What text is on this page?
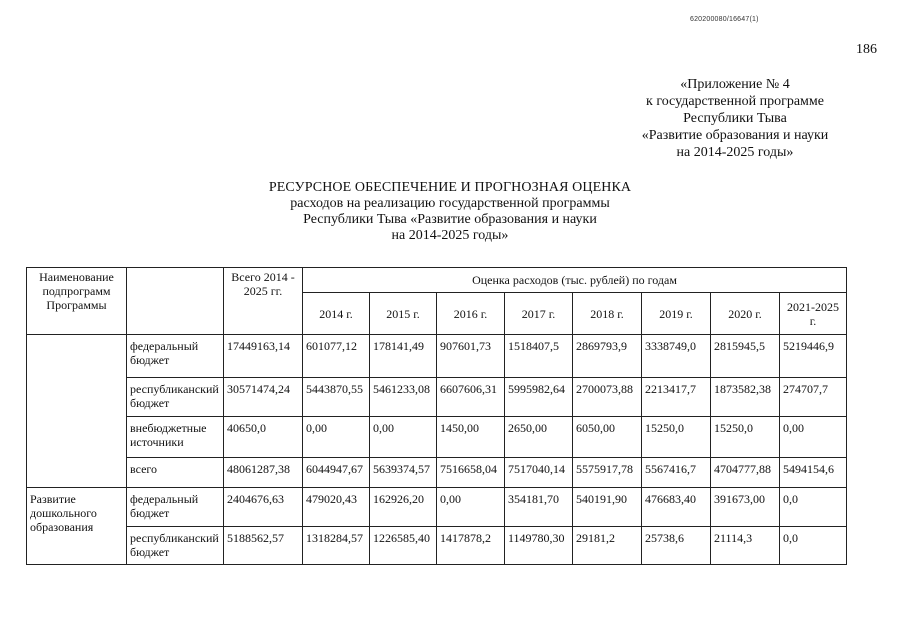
620200080/16647(1)
186
«Приложение № 4
к государственной программе
Республики Тыва
«Развитие образования и науки
на 2014-2025 годы»
РЕСУРСНОЕ ОБЕСПЕЧЕНИЕ И ПРОГНОЗНАЯ ОЦЕНКА
расходов на реализацию государственной программы
Республики Тыва «Развитие образования и науки
на 2014-2025 годы»
Наименование подпрограмм Программы		Всего 2014 - 2025 гг.	Оценка расходов (тыс. рублей) по годам							
			2014 г.	2015 г.	2016 г.	2017 г.	2018 г.	2019 г.	2020 г.	2021-2025 г.
	федеральный бюджет	17449163,14	601077,12	178141,49	907601,73	1518407,5	2869793,9	3338749,0	2815945,5	5219446,9
	республиканский бюджет	30571474,24	5443870,55	5461233,08	6607606,31	5995982,64	2700073,88	2213417,7	1873582,38	274707,7
	внебюджетные источники	40650,0	0,00	0,00	1450,00	2650,00	6050,00	15250,0	15250,0	0,00
	всего	48061287,38	6044947,67	5639374,57	7516658,04	7517040,14	5575917,78	5567416,7	4704777,88	5494154,6
Развитие дошкольного образования	федеральный бюджет	2404676,63	479020,43	162926,20	0,00	354181,70	540191,90	476683,40	391673,00	0,0
	республиканский бюджет	5188562,57	1318284,57	1226585,40	1417878,2	1149780,30	29181,2	25738,6	21114,3	0,0
